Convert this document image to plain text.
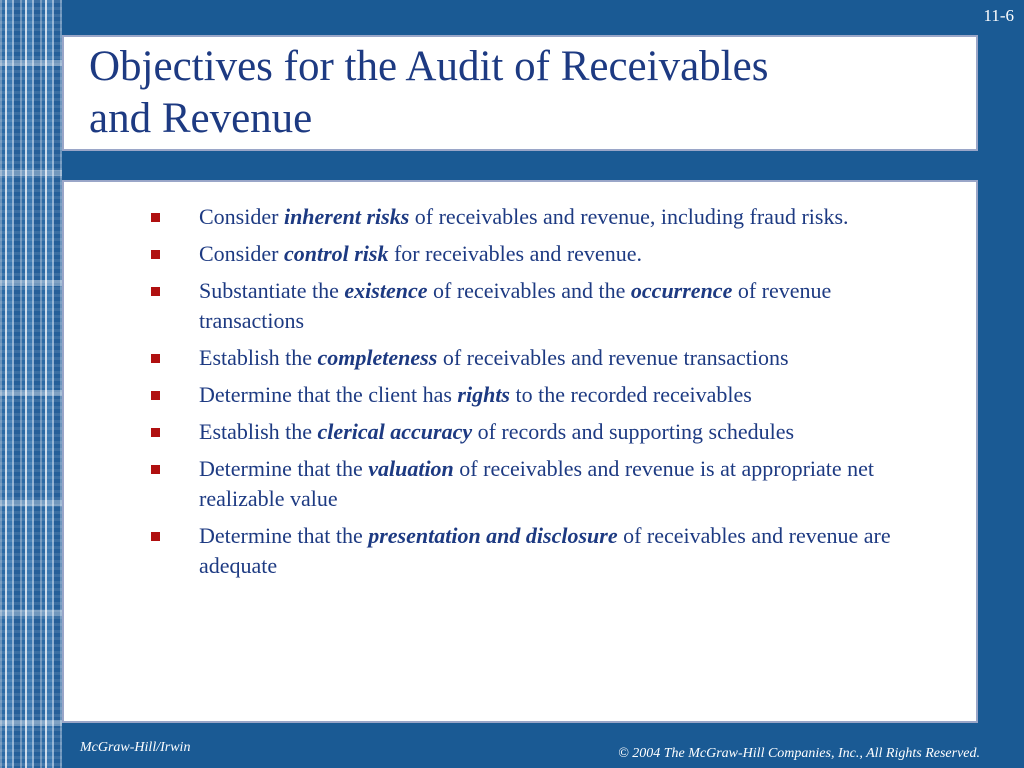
11-6
Objectives for the Audit of Receivables
and Revenue
Consider inherent risks of receivables and revenue, including fraud risks.
Consider control risk for receivables and revenue.
Substantiate the existence of receivables and the occurrence of revenue transactions
Establish the completeness of receivables and revenue transactions
Determine that the client has rights to the recorded receivables
Establish the clerical accuracy of records and supporting schedules
Determine that the valuation of receivables and revenue is at appropriate net realizable value
Determine that the presentation and disclosure of receivables and revenue are adequate
McGraw-Hill/Irwin	© 2004 The McGraw-Hill Companies, Inc., All Rights Reserved.
